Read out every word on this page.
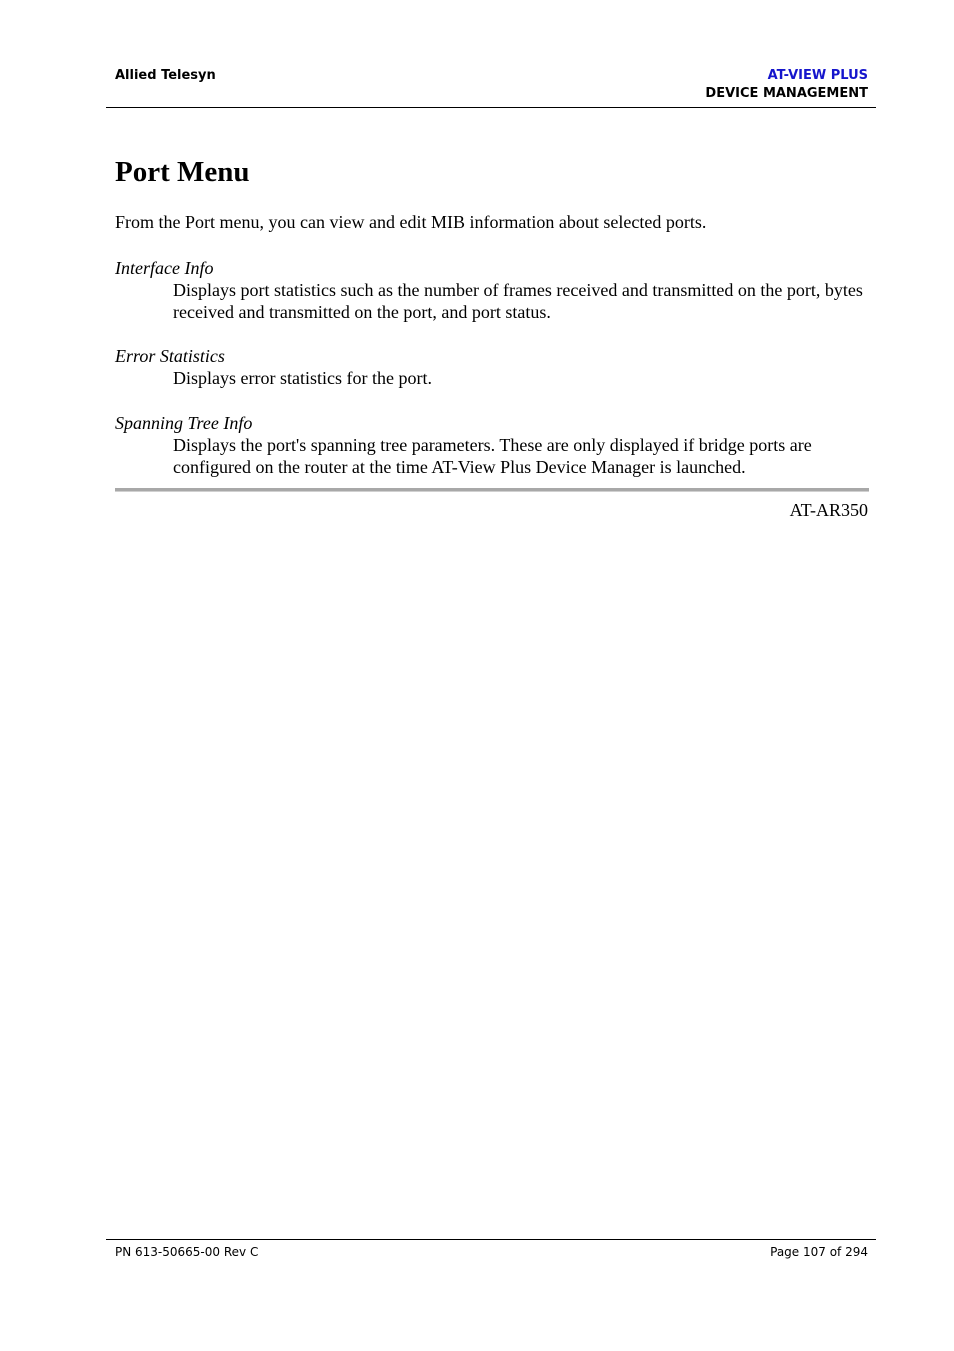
Allied Telesyn	AT-VIEW PLUS
DEVICE MANAGEMENT
Port Menu

From the Port menu, you can view and edit MIB information about selected ports.

Interface Info

Displays port statistics such as the number of frames received and transmitted on the port, bytes received and transmitted on the port, and port status.

Error Statistics

Displays error statistics for the port.

Spanning Tree Info

Displays the port's spanning tree parameters. These are only displayed if bridge ports are configured on the router at the time AT-View Plus Device Manager is launched.

AT-AR350
PN 613-50665-00 Rev C	Page 107 of 294
